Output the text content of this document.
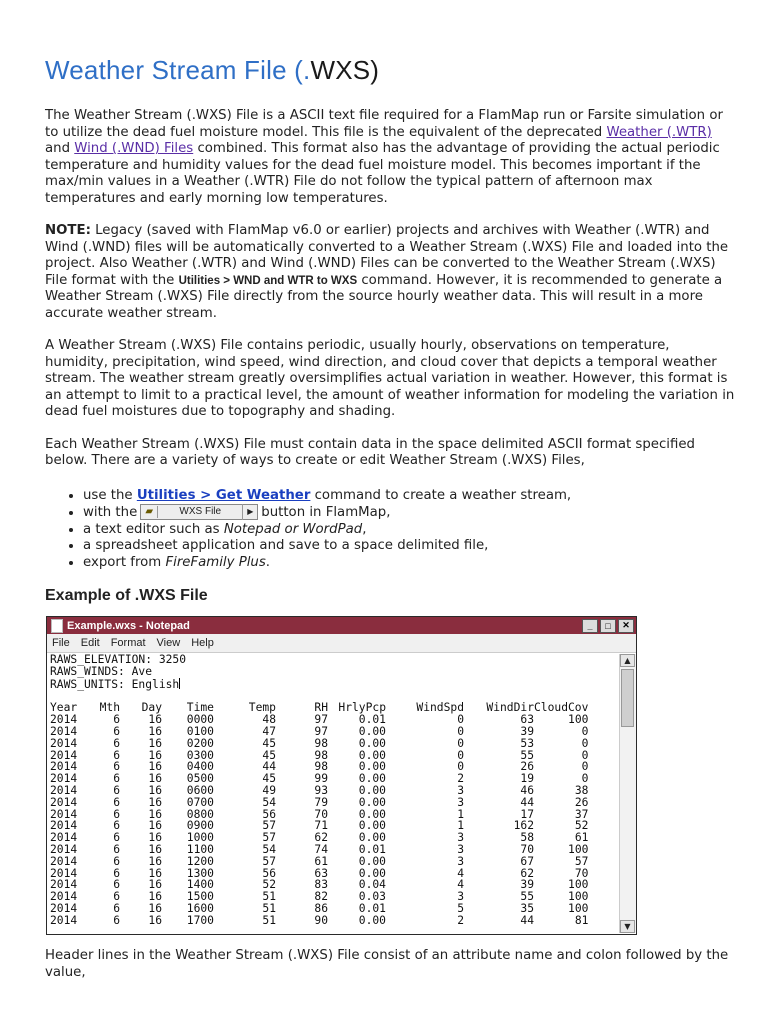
Weather Stream File (.WXS)

The Weather Stream (.WXS) File is a ASCII text file required for a FlamMap run or Farsite simulation or to utilize the dead fuel moisture model. This file is the equivalent of the deprecated Weather (.WTR) and Wind (.WND) Files combined. This format also has the advantage of providing the actual periodic temperature and humidity values for the dead fuel moisture model. This becomes important if the max/min values in a Weather (.WTR) File do not follow the typical pattern of afternoon max temperatures and early morning low temperatures.

NOTE: Legacy (saved with FlamMap v6.0 or earlier) projects and archives with Weather (.WTR) and Wind (.WND) files will be automatically converted to a Weather Stream (.WXS) File and loaded into the project. Also Weather (.WTR) and Wind (.WND) Files can be converted to the Weather Stream (.WXS) File format with the Utilities > WND and WTR to WXS command. However, it is recommended to generate a Weather Stream (.WXS) File directly from the source hourly weather data. This will result in a more accurate weather stream.

A Weather Stream (.WXS) File contains periodic, usually hourly, observations on temperature, humidity, precipitation, wind speed, wind direction, and cloud cover that depicts a temporal weather stream. The weather stream greatly oversimplifies actual variation in weather. However, this format is an attempt to limit to a practical level, the amount of weather information for modeling the variation in dead fuel moistures due to topography and shading.

Each Weather Stream (.WXS) File must contain data in the space delimited ASCII format specified below. There are a variety of ways to create or edit Weather Stream (.WXS) Files,

• use the Utilities > Get Weather command to create a weather stream,
• with the ▰	WXS File	▶ button in FlamMap,
• a text editor such as Notepad or WordPad,
• a spreadsheet application and save to a space delimited file,
• export from FireFamily Plus.
Example of .WXS File
Example.wxs - Notepad	_	□	✕
File Edit Format View Help
RAWS_ELEVATION: 3250
RAWS_WINDS: Ave
RAWS_UNITS: English
Year	Mth	Day	Time	Temp	RH	HrlyPcp	WindSpd	WindDir	CloudCov
2014	6	16	0000	48	97	0.01	0	63	100
2014	6	16	0100	47	97	0.00	0	39	0
2014	6	16	0200	45	98	0.00	0	53	0
2014	6	16	0300	45	98	0.00	0	55	0
2014	6	16	0400	44	98	0.00	0	26	0
2014	6	16	0500	45	99	0.00	2	19	0
2014	6	16	0600	49	93	0.00	3	46	38
2014	6	16	0700	54	79	0.00	3	44	26
2014	6	16	0800	56	70	0.00	1	17	37
2014	6	16	0900	57	71	0.00	1	162	52
2014	6	16	1000	57	62	0.00	3	58	61
2014	6	16	1100	54	74	0.01	3	70	100
2014	6	16	1200	57	61	0.00	3	67	57
2014	6	16	1300	56	63	0.00	4	62	70
2014	6	16	1400	52	83	0.04	4	39	100
2014	6	16	1500	51	82	0.03	3	55	100
2014	6	16	1600	51	86	0.01	5	35	100
2014	6	16	1700	51	90	0.00	2	44	81
▲
▼

Header lines in the Weather Stream (.WXS) File consist of an attribute name and colon followed by the value,
